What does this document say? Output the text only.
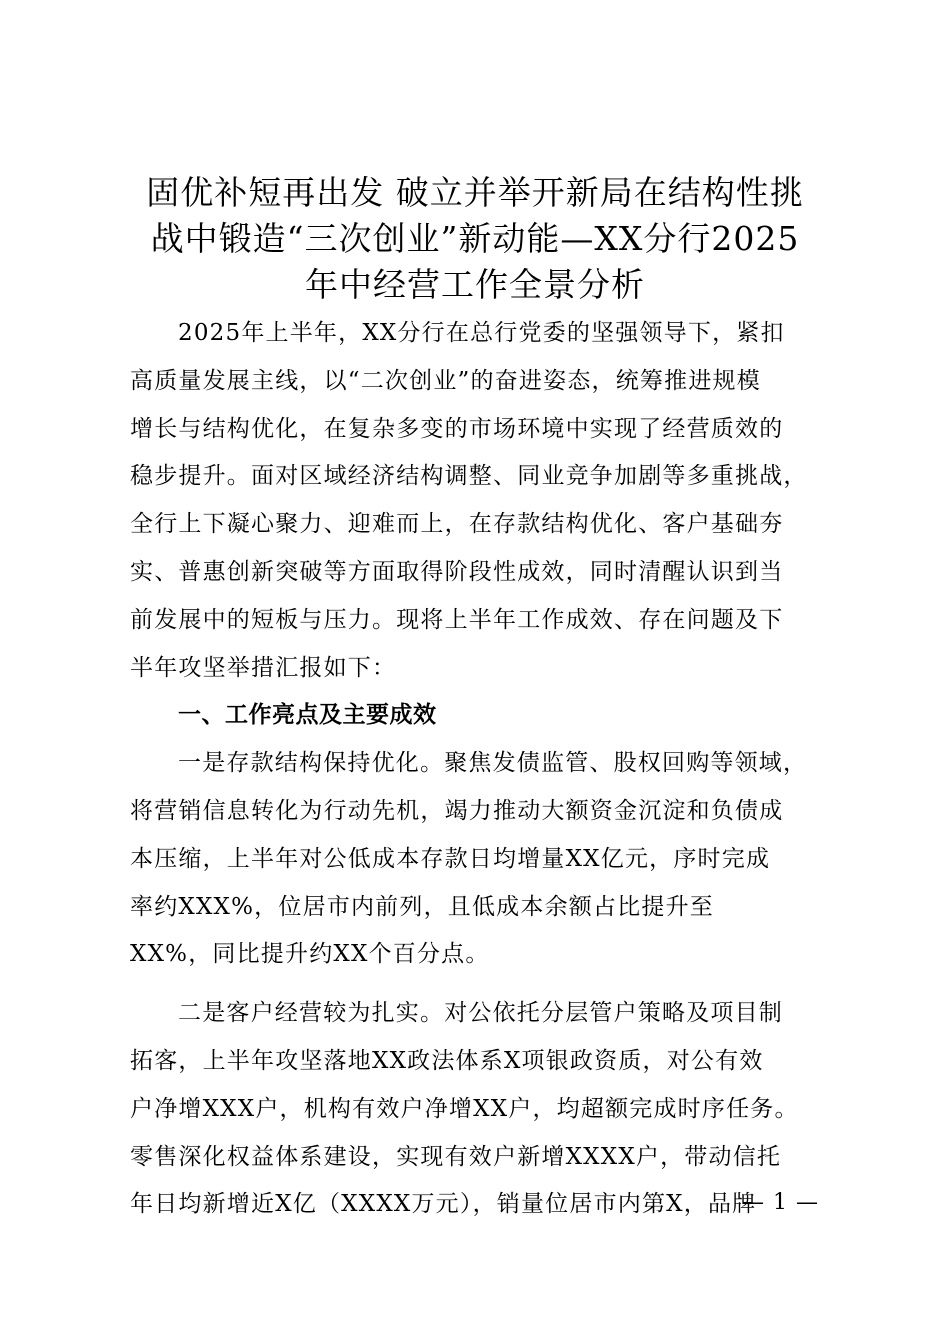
固优补短再出发 破立并举开新局在结构性挑
战中锻造“三次创业”新动能—XX分行2025
年中经营工作全景分析
2025年上半年，XX分行在总行党委的坚强领导下，紧扣
高质量发展主线，以“二次创业”的奋进姿态，统筹推进规模
增长与结构优化，在复杂多变的市场环境中实现了经营质效的
稳步提升。面对区域经济结构调整、同业竞争加剧等多重挑战，
全行上下凝心聚力、迎难而上，在存款结构优化、客户基础夯
实、普惠创新突破等方面取得阶段性成效，同时清醒认识到当
前发展中的短板与压力。现将上半年工作成效、存在问题及下
半年攻坚举措汇报如下：
一、工作亮点及主要成效
一是存款结构保持优化。聚焦发债监管、股权回购等领域，
将营销信息转化为行动先机，竭力推动大额资金沉淀和负债成
本压缩，上半年对公低成本存款日均增量XX亿元，序时完成
率约XXX%，位居市内前列，且低成本余额占比提升至
XX%，同比提升约XX个百分点。
二是客户经营较为扎实。对公依托分层管户策略及项目制
拓客，上半年攻坚落地XX政法体系X项银政资质，对公有效
户净增XXX户，机构有效户净增XX户，均超额完成时序任务。
零售深化权益体系建设，实现有效户新增XXXX户，带动信托
年日均新增近X亿（XXXX万元），销量位居市内第X，品牌
— 1 —
